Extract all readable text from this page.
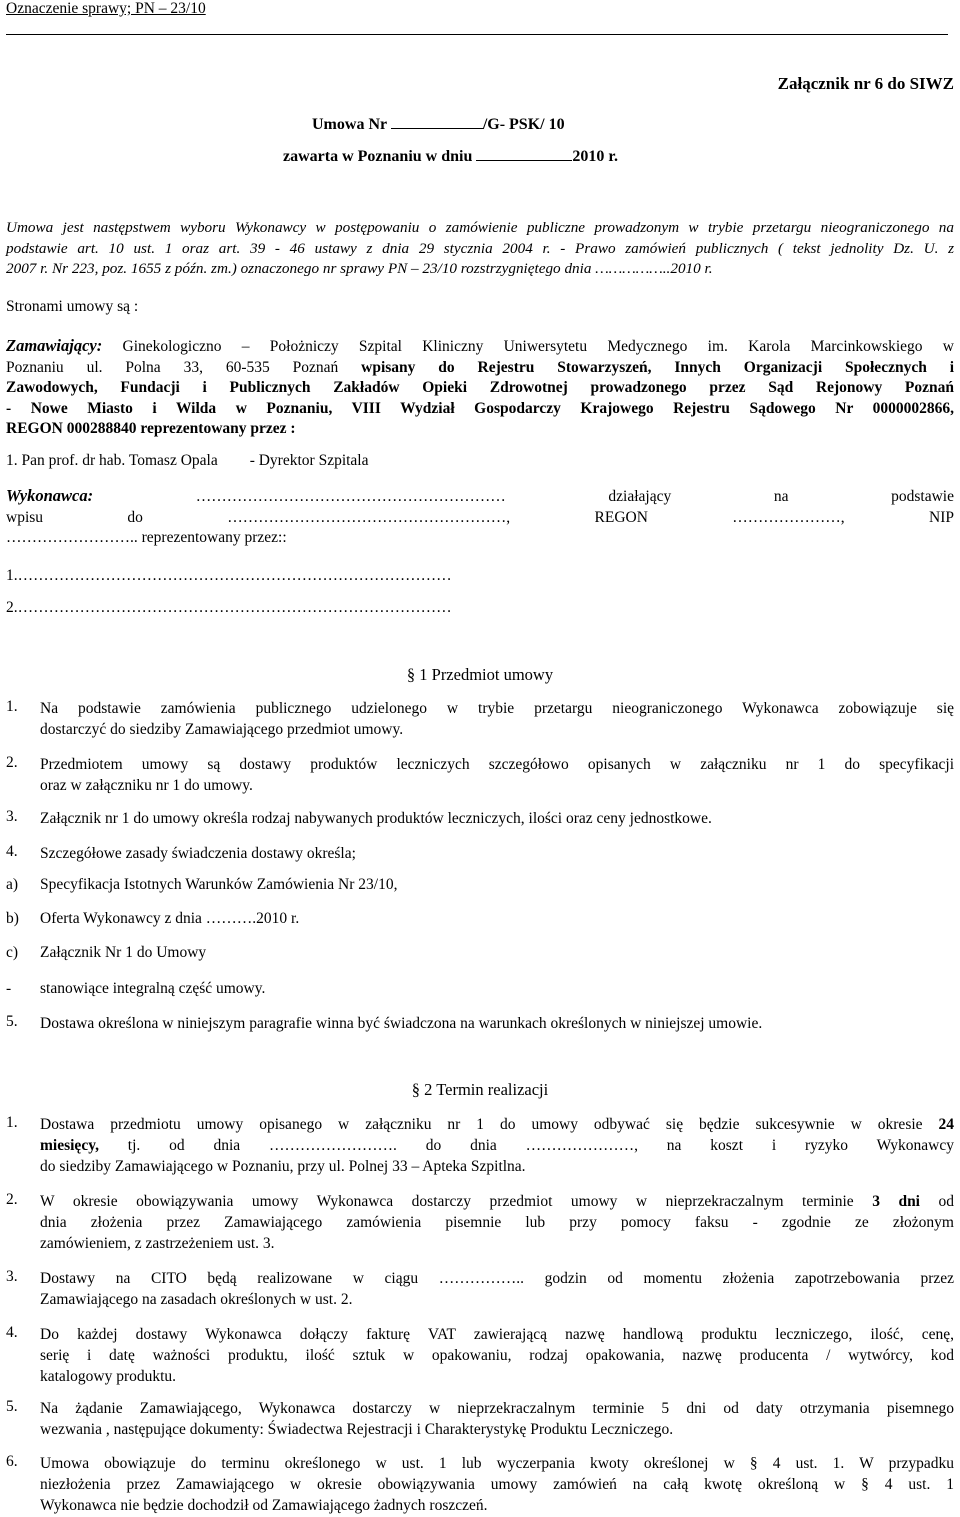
Oznaczenie sprawy; PN – 23/10
Załącznik nr 6 do SIWZ
Umowa Nr	/G- PSK/ 10
zawarta w Poznaniu w dniu	2010 r.
Umowa jest następstwem wyboru Wykonawcy w postępowaniu o zamówienie publiczne prowadzonym w trybie przetargu nieograniczonego na
podstawie art. 10 ust. 1 oraz art. 39 - 46 ustawy z dnia 29 stycznia 2004 r. - Prawo zamówień publicznych ( tekst jednolity Dz. U. z
2007 r. Nr 223, poz. 1655 z późn. zm.) oznaczonego nr sprawy PN – 23/10 rozstrzygniętego dnia ……………..2010 r.
Stronami umowy są :
Zamawiający: Ginekologiczno – Położniczy Szpital Kliniczny Uniwersytetu Medycznego im. Karola Marcinkowskiego w
Poznaniu ul. Polna 33, 60-535 Poznań wpisany do Rejestru Stowarzyszeń, Innych Organizacji Społecznych i
Zawodowych, Fundacji i Publicznych Zakładów Opieki Zdrowotnej prowadzonego przez Sąd Rejonowy Poznań
- Nowe Miasto i Wilda w Poznaniu, VIII Wydział Gospodarczy Krajowego Rejestru Sądowego Nr 0000002866,
REGON 000288840 reprezentowany przez :
1. Pan prof. dr hab. Tomasz Opala - Dyrektor Szpitala
Wykonawca: …………………………………………………… działający na podstawie
wpisu do ………………………………………………, REGON …………………, NIP
…………………….. reprezentowany przez::
1.…………………………………………………………………………
2.…………………………………………………………………………
§ 1 Przedmiot umowy
1. Na podstawie zamówienia publicznego udzielonego w trybie przetargu nieograniczonego Wykonawca zobowiązuje się
dostarczyć do siedziby Zamawiającego przedmiot umowy.
2. Przedmiotem umowy są dostawy produktów leczniczych szczegółowo opisanych w załączniku nr 1 do specyfikacji
oraz w załączniku nr 1 do umowy.
3. Załącznik nr 1 do umowy określa rodzaj nabywanych produktów leczniczych, ilości oraz ceny jednostkowe.
4. Szczegółowe zasady świadczenia dostawy określa;
a) Specyfikacja Istotnych Warunków Zamówienia Nr 23/10,
b) Oferta Wykonawcy z dnia ……….2010 r.
c) Załącznik Nr 1 do Umowy
- stanowiące integralną część umowy.
5. Dostawa określona w niniejszym paragrafie winna być świadczona na warunkach określonych w niniejszej umowie.
§ 2 Termin realizacji
1. Dostawa przedmiotu umowy opisanego w załączniku nr 1 do umowy odbywać się będzie sukcesywnie w okresie 24
miesięcy, tj. od dnia ……………………. do dnia …………………, na koszt i ryzyko Wykonawcy
do siedziby Zamawiającego w Poznaniu, przy ul. Polnej 33 – Apteka Szpitlna.
2. W okresie obowiązywania umowy Wykonawca dostarczy przedmiot umowy w nieprzekraczalnym terminie 3 dni od
dnia złożenia przez Zamawiającego zamówienia pisemnie lub przy pomocy faksu - zgodnie ze złożonym
zamówieniem, z zastrzeżeniem ust. 3.
3. Dostawy na CITO będą realizowane w ciągu …………….. godzin od momentu złożenia zapotrzebowania przez
Zamawiającego na zasadach określonych w ust. 2.
4. Do każdej dostawy Wykonawca dołączy fakturę VAT zawierającą nazwę handlową produktu leczniczego, ilość, cenę,
serię i datę ważności produktu, ilość sztuk w opakowaniu, rodzaj opakowania, nazwę producenta / wytwórcy, kod
katalogowy produktu.
5. Na żądanie Zamawiającego, Wykonawca dostarczy w nieprzekraczalnym terminie 5 dni od daty otrzymania pisemnego
wezwania , następujące dokumenty: Świadectwa Rejestracji i Charakterystykę Produktu Leczniczego.
6. Umowa obowiązuje do terminu określonego w ust. 1 lub wyczerpania kwoty określonej w § 4 ust. 1. W przypadku
niezłożenia przez Zamawiającego w okresie obowiązywania umowy zamówień na całą kwotę określoną w § 4 ust. 1
Wykonawca nie będzie dochodził od Zamawiającego żadnych roszczeń.
